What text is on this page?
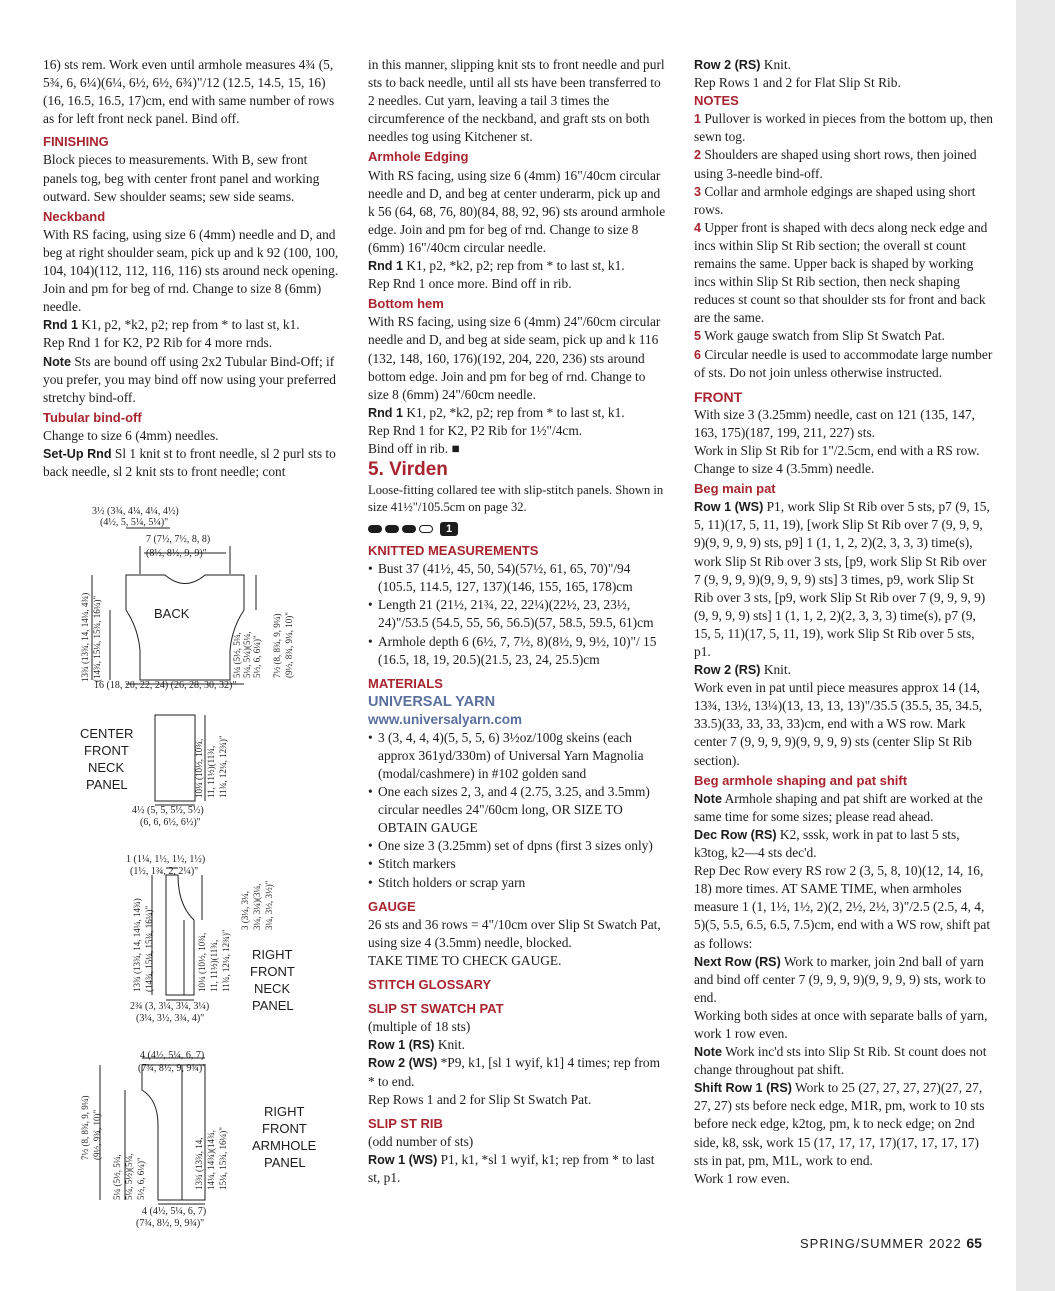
16) sts rem. Work even until armhole measures 4¾ (5, 5¾, 6, 6¼)(6¼, 6½, 6½, 6¾)"/12 (12.5, 14.5, 15, 16)(16, 16.5, 16.5, 17)cm, end with same number of rows as for left front neck panel. Bind off.

FINISHING

Block pieces to measurements. With B, sew front panels tog, beg with center front panel and working outward. Sew shoulder seams; sew side seams.

Neckband

With RS facing, using size 6 (4mm) needle and D, and beg at right shoulder seam, pick up and k 92 (100, 100, 104, 104)(112, 112, 116, 116) sts around neck opening. Join and pm for beg of rnd. Change to size 8 (6mm) needle.

Rnd 1 K1, p2, *k2, p2; rep from * to last st, k1.

Rep Rnd 1 for K2, P2 Rib for 4 more rnds.

Note Sts are bound off using 2x2 Tubular Bind-Off; if you prefer, you may bind off now using your preferred stretchy bind-off.

Tubular bind-off

Change to size 6 (4mm) needles.

Set-Up Rnd Sl 1 knit st to front needle, sl 2 purl sts to back needle, sl 2 knit sts to front needle; cont

3½ (3¾, 4¼, 4¼, 4½)
(4½, 5, 5¼, 5¼)"
7 (7½, 7½, 8, 8)
(8½, 8½, 9, 9)"
BACK
13¾ (13¾, 14, 14¼, 4¾) (14¾, 15¼, 15¾, 16¼)"	5¼ (5½, 5¼, 5¼, 5¼)(5¼, 5½, 6, 6¼)" 7½ (8, 8¾, 9, 9¼) (9½, 8¾, 9¼, 10)"
16 (18, 20, 22, 24) (26, 28, 30, 32)"
CENTER
FRONT
NECK
PANEL	10¼ (10½, 10¾, 11, 11½)(11¾, 11¾, 12¼, 12¾)"
4½ (5, 5, 5½, 5½)
(6, 6, 6½, 6½)"
1 (1¼, 1½, 1½, 1½)
(1½, 1¾, 2, 2¼)"
13¾ (13¾, 14, 14¼, 14¾) (14¾, 15¼, 15¾, 16¼)"	10¼ (10½, 10¾, 11, 11½)(11¾, 11¾, 12¼, 12¾)"
3 (3¼, 3¼, 3¼, 3¼)(3¼, 3¼, 3½, 3½)"
RIGHT
FRONT
NECK
PANEL
2¾ (3, 3¼, 3¼, 3¼)
(3¼, 3½, 3¾, 4)"
4 (4½, 5¼, 6, 7)
(7¾, 8½, 9, 9¾)"
7½ (8, 8¾, 9, 9¼) (9½, 9¾, 10)"
5¼ (5½, 5¼, 5¼, 5½)(5¼, 5½, 6, 6¼)"	13¾ (13¾, 14, 14¼, 14¾)(14¾, 15¼, 15¾, 16¼)"
RIGHT
FRONT
ARMHOLE
PANEL
4 (4½, 5¼, 6, 7)
(7¾, 8½, 9, 9¾)"

in this manner, slipping knit sts to front needle and purl sts to back needle, until all sts have been transferred to 2 needles. Cut yarn, leaving a tail 3 times the circumference of the neckband, and graft sts on both needles tog using Kitchener st.

Armhole Edging

With RS facing, using size 6 (4mm) 16"/40cm circular needle and D, and beg at center underarm, pick up and k 56 (64, 68, 76, 80)(84, 88, 92, 96) sts around armhole edge. Join and pm for beg of rnd. Change to size 8 (6mm) 16"/40cm circular needle.

Rnd 1 K1, p2, *k2, p2; rep from * to last st, k1.

Rep Rnd 1 once more. Bind off in rib.

Bottom hem

With RS facing, using size 6 (4mm) 24"/60cm circular needle and D, and beg at side seam, pick up and k 116 (132, 148, 160, 176)(192, 204, 220, 236) sts around bottom edge. Join and pm for beg of rnd. Change to size 8 (6mm) 24"/60cm needle.

Rnd 1 K1, p2, *k2, p2; rep from * to last st, k1.

Rep Rnd 1 for K2, P2 Rib for 1½"/4cm.

Bind off in rib. ■

5. Virden

Loose-fitting collared tee with slip-stitch panels. Shown in size 41½"/105.5cm on page 32.

1

KNITTED MEASUREMENTS

• Bust 37 (41½, 45, 50, 54)(57½, 61, 65, 70)"/94 (105.5, 114.5, 127, 137)(146, 155, 165, 178)cm
• Length 21 (21½, 21¾, 22, 22¼)(22½, 23, 23½, 24)"/53.5 (54.5, 55, 56, 56.5)(57, 58.5, 59.5, 61)cm
• Armhole depth 6 (6½, 7, 7½, 8)(8½, 9, 9½, 10)"/ 15 (16.5, 18, 19, 20.5)(21.5, 23, 24, 25.5)cm

MATERIALS

UNIVERSAL YARN

www.universalyarn.com

• 3 (3, 4, 4, 4)(5, 5, 5, 6) 3½oz/100g skeins (each approx 361yd/330m) of Universal Yarn Magnolia (modal/cashmere) in #102 golden sand
• One each sizes 2, 3, and 4 (2.75, 3.25, and 3.5mm) circular needles 24"/60cm long, OR SIZE TO OBTAIN GAUGE
• One size 3 (3.25mm) set of dpns (first 3 sizes only)
• Stitch markers
• Stitch holders or scrap yarn

GAUGE

26 sts and 36 rows = 4"/10cm over Slip St Swatch Pat, using size 4 (3.5mm) needle, blocked.

TAKE TIME TO CHECK GAUGE.

STITCH GLOSSARY

SLIP ST SWATCH PAT

(multiple of 18 sts)

Row 1 (RS) Knit.

Row 2 (WS) *P9, k1, [sl 1 wyif, k1] 4 times; rep from * to end.

Rep Rows 1 and 2 for Slip St Swatch Pat.

SLIP ST RIB

(odd number of sts)

Row 1 (WS) P1, k1, *sl 1 wyif, k1; rep from * to last st, p1.

Row 2 (RS) Knit.

Rep Rows 1 and 2 for Flat Slip St Rib.

NOTES

1 Pullover is worked in pieces from the bottom up, then sewn tog.

2 Shoulders are shaped using short rows, then joined using 3-needle bind-off.

3 Collar and armhole edgings are shaped using short rows.

4 Upper front is shaped with decs along neck edge and incs within Slip St Rib section; the overall st count remains the same. Upper back is shaped by working incs within Slip St Rib section, then neck shaping reduces st count so that shoulder sts for front and back are the same.

5 Work gauge swatch from Slip St Swatch Pat.

6 Circular needle is used to accommodate large number of sts. Do not join unless otherwise instructed.

FRONT

With size 3 (3.25mm) needle, cast on 121 (135, 147, 163, 175)(187, 199, 211, 227) sts.

Work in Slip St Rib for 1"/2.5cm, end with a RS row. Change to size 4 (3.5mm) needle.

Beg main pat

Row 1 (WS) P1, work Slip St Rib over 5 sts, p7 (9, 15, 5, 11)(17, 5, 11, 19), [work Slip St Rib over 7 (9, 9, 9, 9)(9, 9, 9, 9) sts, p9] 1 (1, 1, 2, 2)(2, 3, 3, 3) time(s), work Slip St Rib over 3 sts, [p9, work Slip St Rib over 7 (9, 9, 9, 9)(9, 9, 9, 9) sts] 3 times, p9, work Slip St Rib over 3 sts, [p9, work Slip St Rib over 7 (9, 9, 9, 9)(9, 9, 9, 9) sts] 1 (1, 1, 2, 2)(2, 3, 3, 3) time(s), p7 (9, 15, 5, 11)(17, 5, 11, 19), work Slip St Rib over 5 sts, p1.

Row 2 (RS) Knit.

Work even in pat until piece measures approx 14 (14, 13¾, 13½, 13¼)(13, 13, 13, 13)"/35.5 (35.5, 35, 34.5, 33.5)(33, 33, 33, 33)cm, end with a WS row. Mark center 7 (9, 9, 9, 9)(9, 9, 9, 9) sts (center Slip St Rib section).

Beg armhole shaping and pat shift

Note Armhole shaping and pat shift are worked at the same time for some sizes; please read ahead.

Dec Row (RS) K2, sssk, work in pat to last 5 sts, k3tog, k2—4 sts dec'd.

Rep Dec Row every RS row 2 (3, 5, 8, 10)(12, 14, 16, 18) more times. AT SAME TIME, when armholes measure 1 (1, 1½, 1½, 2)(2, 2½, 2½, 3)"/2.5 (2.5, 4, 4, 5)(5, 5.5, 6.5, 6.5, 7.5)cm, end with a WS row, shift pat as follows:

Next Row (RS) Work to marker, join 2nd ball of yarn and bind off center 7 (9, 9, 9, 9)(9, 9, 9, 9) sts, work to end.

Working both sides at once with separate balls of yarn, work 1 row even.

Note Work inc'd sts into Slip St Rib. St count does not change throughout pat shift.

Shift Row 1 (RS) Work to 25 (27, 27, 27, 27)(27, 27, 27, 27) sts before neck edge, M1R, pm, work to 10 sts before neck edge, k2tog, pm, k to neck edge; on 2nd side, k8, ssk, work 15 (17, 17, 17, 17)(17, 17, 17, 17) sts in pat, pm, M1L, work to end.

Work 1 row even.

SPRING/SUMMER 2022 65
